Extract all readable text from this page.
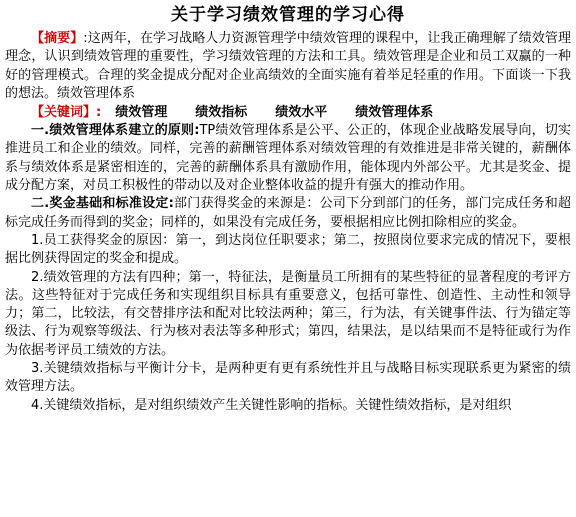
关于学习绩效管理的学习心得

【摘要】:这两年，在学习战略人力资源管理学中绩效管理的课程中，让我正确理解了绩效管理理念，认识到绩效管理的重要性，学习绩效管理的方法和工具。绩效管理是企业和员工双赢的一种好的管理模式。合理的奖金提成分配对企业高绩效的全面实施有着举足轻重的作用。下面谈一下我的想法。绩效管理体系

【关键词】: 绩效管理 绩效指标 绩效水平 绩效管理体系

一.绩效管理体系建立的原则:TP绩效管理体系是公平、公正的，体现企业战略发展导向，切实推进员工和企业的绩效。同样，完善的薪酬管理体系对绩效管理的有效推进是非常关键的，薪酬体系与绩效体系是紧密相连的，完善的薪酬体系具有激励作用，能体现内外部公平。尤其是奖金、提成分配方案，对员工积极性的带动以及对企业整体收益的提升有强大的推动作用。

二.奖金基础和标准设定:部门获得奖金的来源是：公司下分到部门的任务，部门完成任务和超标完成任务而得到的奖金；同样的，如果没有完成任务，要根据相应比例扣除相应的奖金。

1.员工获得奖金的原因：第一，到达岗位任职要求；第二，按照岗位要求完成的情况下，要根据比例获得固定的奖金和提成。

2.绩效管理的方法有四种；第一，特征法，是衡量员工所拥有的某些特征的显著程度的考评方法。这些特征对于完成任务和实现组织目标具有重要意义，包括可靠性、创造性、主动性和领导力；第二，比较法，有交替排序法和配对比较法两种；第三，行为法，有关键事件法、行为锚定等级法、行为观察等级法、行为核对表法等多种形式；第四，结果法，是以结果而不是特征或行为作为依据考评员工绩效的方法。

3.关键绩效指标与平衡计分卡，是两种更有更有系统性并且与战略目标实现联系更为紧密的绩效管理方法。

4.关键绩效指标，是对组织绩效产生关键性影响的指标。关键性绩效指标，是对组织
